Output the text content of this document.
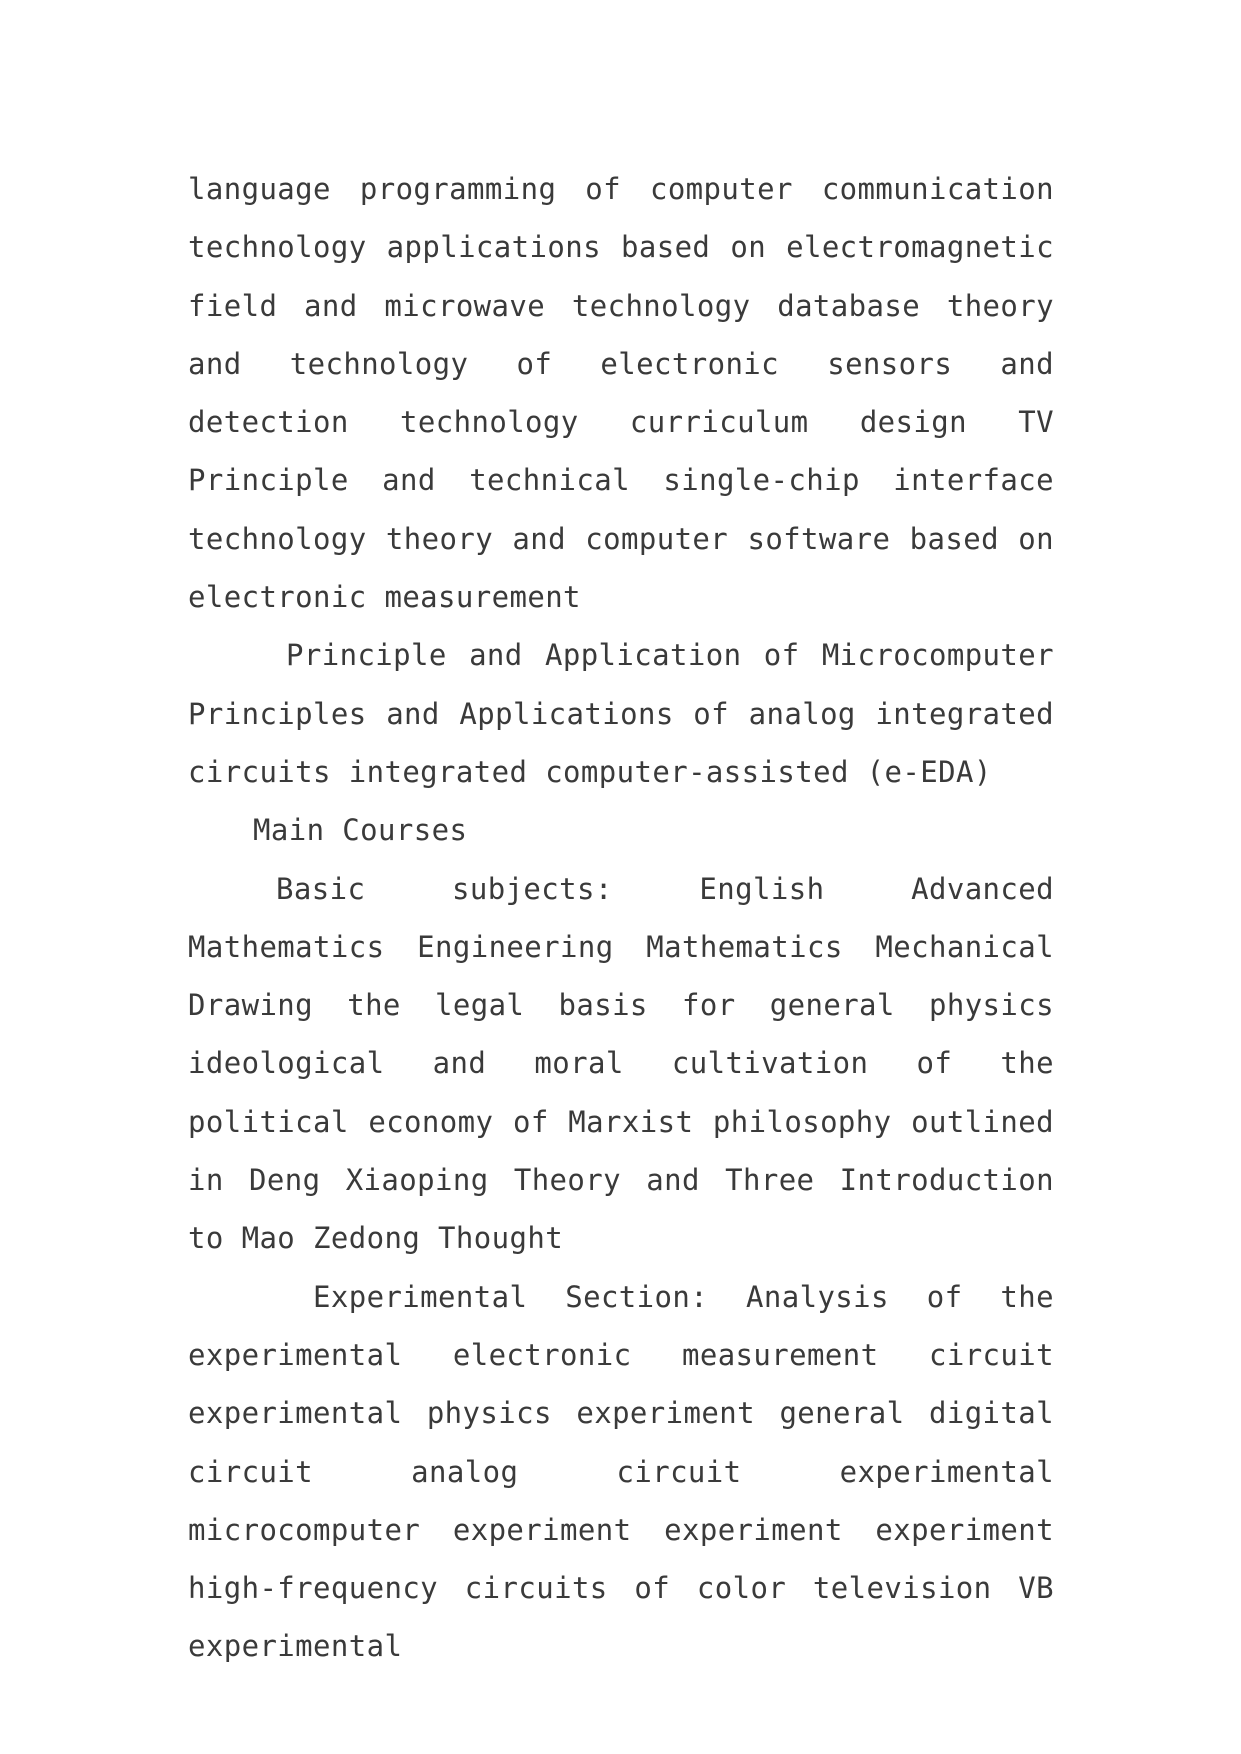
language programming of computer communication technology applications based on electromagnetic field and microwave technology database theory and technology of electronic sensors and detection technology curriculum design TV Principle and technical single-chip interface technology theory and computer software based on electronic measurement

Principle and Application of Microcomputer Principles and Applications of analog integrated circuits integrated computer-assisted (e-EDA)

Main Courses

Basic subjects: English Advanced Mathematics Engineering Mathematics Mechanical Drawing the legal basis for general physics ideological and moral cultivation of the political economy of Marxist philosophy outlined in Deng Xiaoping Theory and Three Introduction to Mao Zedong Thought

Experimental Section: Analysis of the experimental electronic measurement circuit experimental physics experiment general digital circuit analog circuit experimental microcomputer experiment experiment experiment high-frequency circuits of color television VB experimental
